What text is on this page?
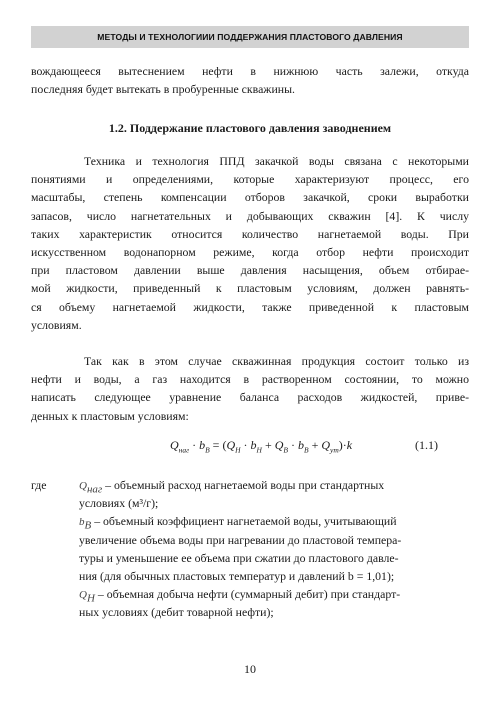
МЕТОДЫ И ТЕХНОЛОГИИИ ПОДДЕРЖАНИЯ ПЛАСТОВОГО ДАВЛЕНИЯ
вождающееся вытеснением нефти в нижнюю часть залежи, откуда
последняя будет вытекать в пробуренные скважины.
1.2. Поддержание пластового давления заводнением
Техника и технология ППД закачкой воды связана с некоторыми
понятиями и определениями, которые характеризуют процесс, его
масштабы, степень компенсации отборов закачкой, сроки выработки
запасов, число нагнетательных и добывающих скважин [4]. К числу
таких характеристик относится количество нагнетаемой воды. При
искусственном водонапорном режиме, когда отбор нефти происходит
при пластовом давлении выше давления насыщения, объем отбирае-
мой жидкости, приведенный к пластовым условиям, должен равнять-
ся объему нагнетаемой жидкости, также приведенной к пластовым
условиям.
Так как в этом случае скважинная продукция состоит только из
нефти и воды, а газ находится в растворенном состоянии, то можно
написать следующее уравнение баланса расходов жидкостей, приве-
денных к пластовым условиям:
$Q_{наг} \cdot b_B = (Q_H \cdot b_H + Q_B \cdot b_B + Q_{ут})\cdot k$	(1.1)
где	$Q_{наг}$ – объемный расход нагнетаемой воды при стандартных
условиях (м³/г);
$b_B$ – объемный коэффициент нагнетаемой воды, учитывающий
увеличение объема воды при нагревании до пластовой темпера-
туры и уменьшение ее объема при сжатии до пластового давле-
ния (для обычных пластовых температур и давлений b = 1,01);
$Q_H$ – объемная добыча нефти (суммарный дебит) при стандарт-
ных условиях (дебит товарной нефти);
10
